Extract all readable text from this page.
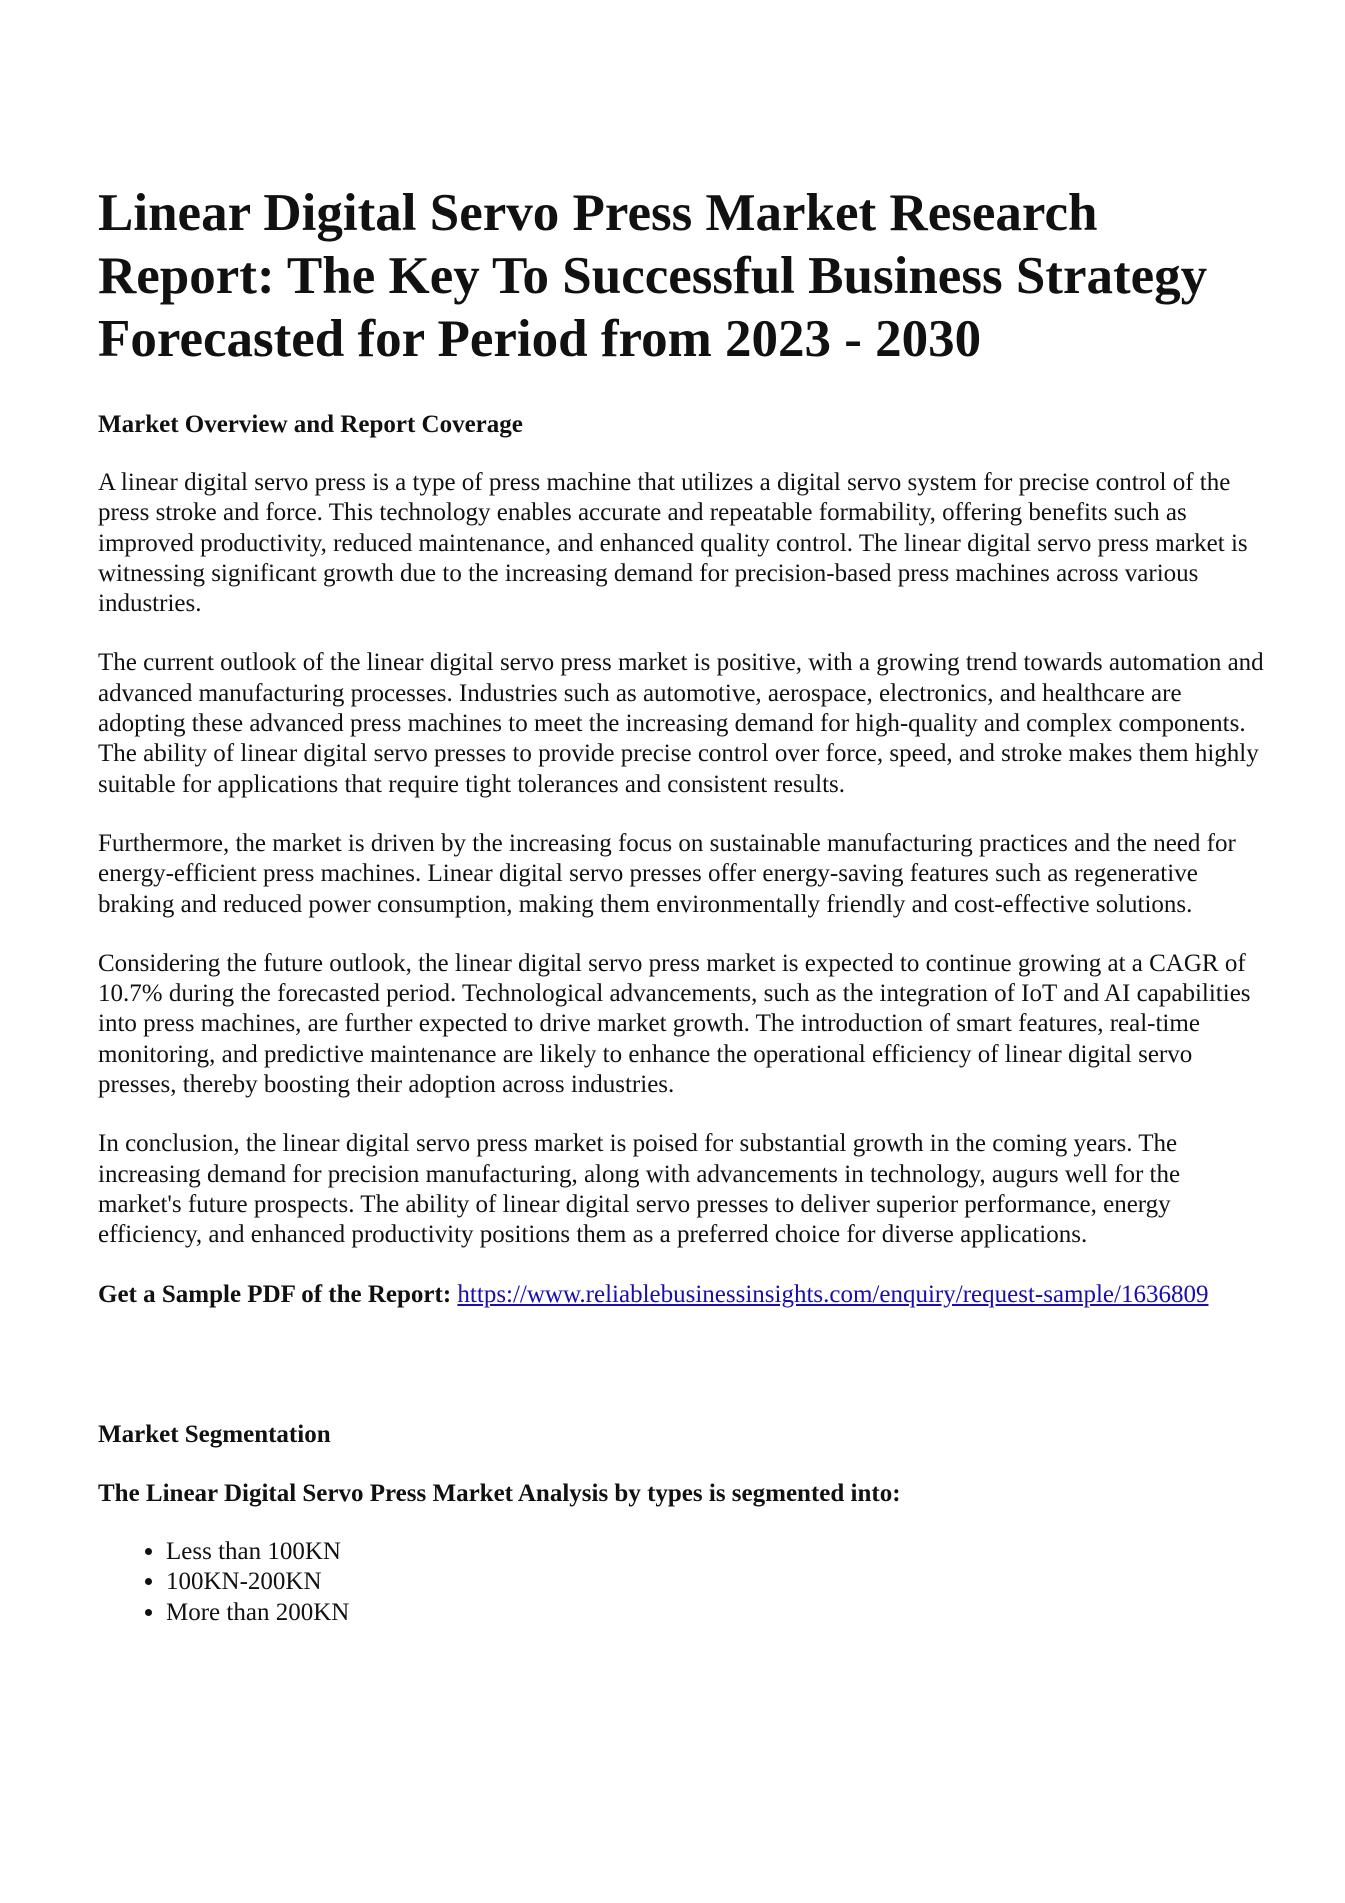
Linear Digital Servo Press Market Research Report: The Key To Successful Business Strategy Forecasted for Period from 2023 - 2030
Market Overview and Report Coverage

A linear digital servo press is a type of press machine that utilizes a digital servo system for precise control of the press stroke and force. This technology enables accurate and repeatable formability, offering benefits such as improved productivity, reduced maintenance, and enhanced quality control. The linear digital servo press market is witnessing significant growth due to the increasing demand for precision-based press machines across various industries.

The current outlook of the linear digital servo press market is positive, with a growing trend towards automation and advanced manufacturing processes. Industries such as automotive, aerospace, electronics, and healthcare are adopting these advanced press machines to meet the increasing demand for high-quality and complex components. The ability of linear digital servo presses to provide precise control over force, speed, and stroke makes them highly suitable for applications that require tight tolerances and consistent results.

Furthermore, the market is driven by the increasing focus on sustainable manufacturing practices and the need for energy-efficient press machines. Linear digital servo presses offer energy-saving features such as regenerative braking and reduced power consumption, making them environmentally friendly and cost-effective solutions.

Considering the future outlook, the linear digital servo press market is expected to continue growing at a CAGR of 10.7% during the forecasted period. Technological advancements, such as the integration of IoT and AI capabilities into press machines, are further expected to drive market growth. The introduction of smart features, real-time monitoring, and predictive maintenance are likely to enhance the operational efficiency of linear digital servo presses, thereby boosting their adoption across industries.

In conclusion, the linear digital servo press market is poised for substantial growth in the coming years. The increasing demand for precision manufacturing, along with advancements in technology, augurs well for the market's future prospects. The ability of linear digital servo presses to deliver superior performance, energy efficiency, and enhanced productivity positions them as a preferred choice for diverse applications.

Get a Sample PDF of the Report: https://www.reliablebusinessinsights.com/enquiry/request-sample/1636809

Market Segmentation
The Linear Digital Servo Press Market Analysis by types is segmented into:
• Less than 100KN
• 100KN-200KN
• More than 200KN
